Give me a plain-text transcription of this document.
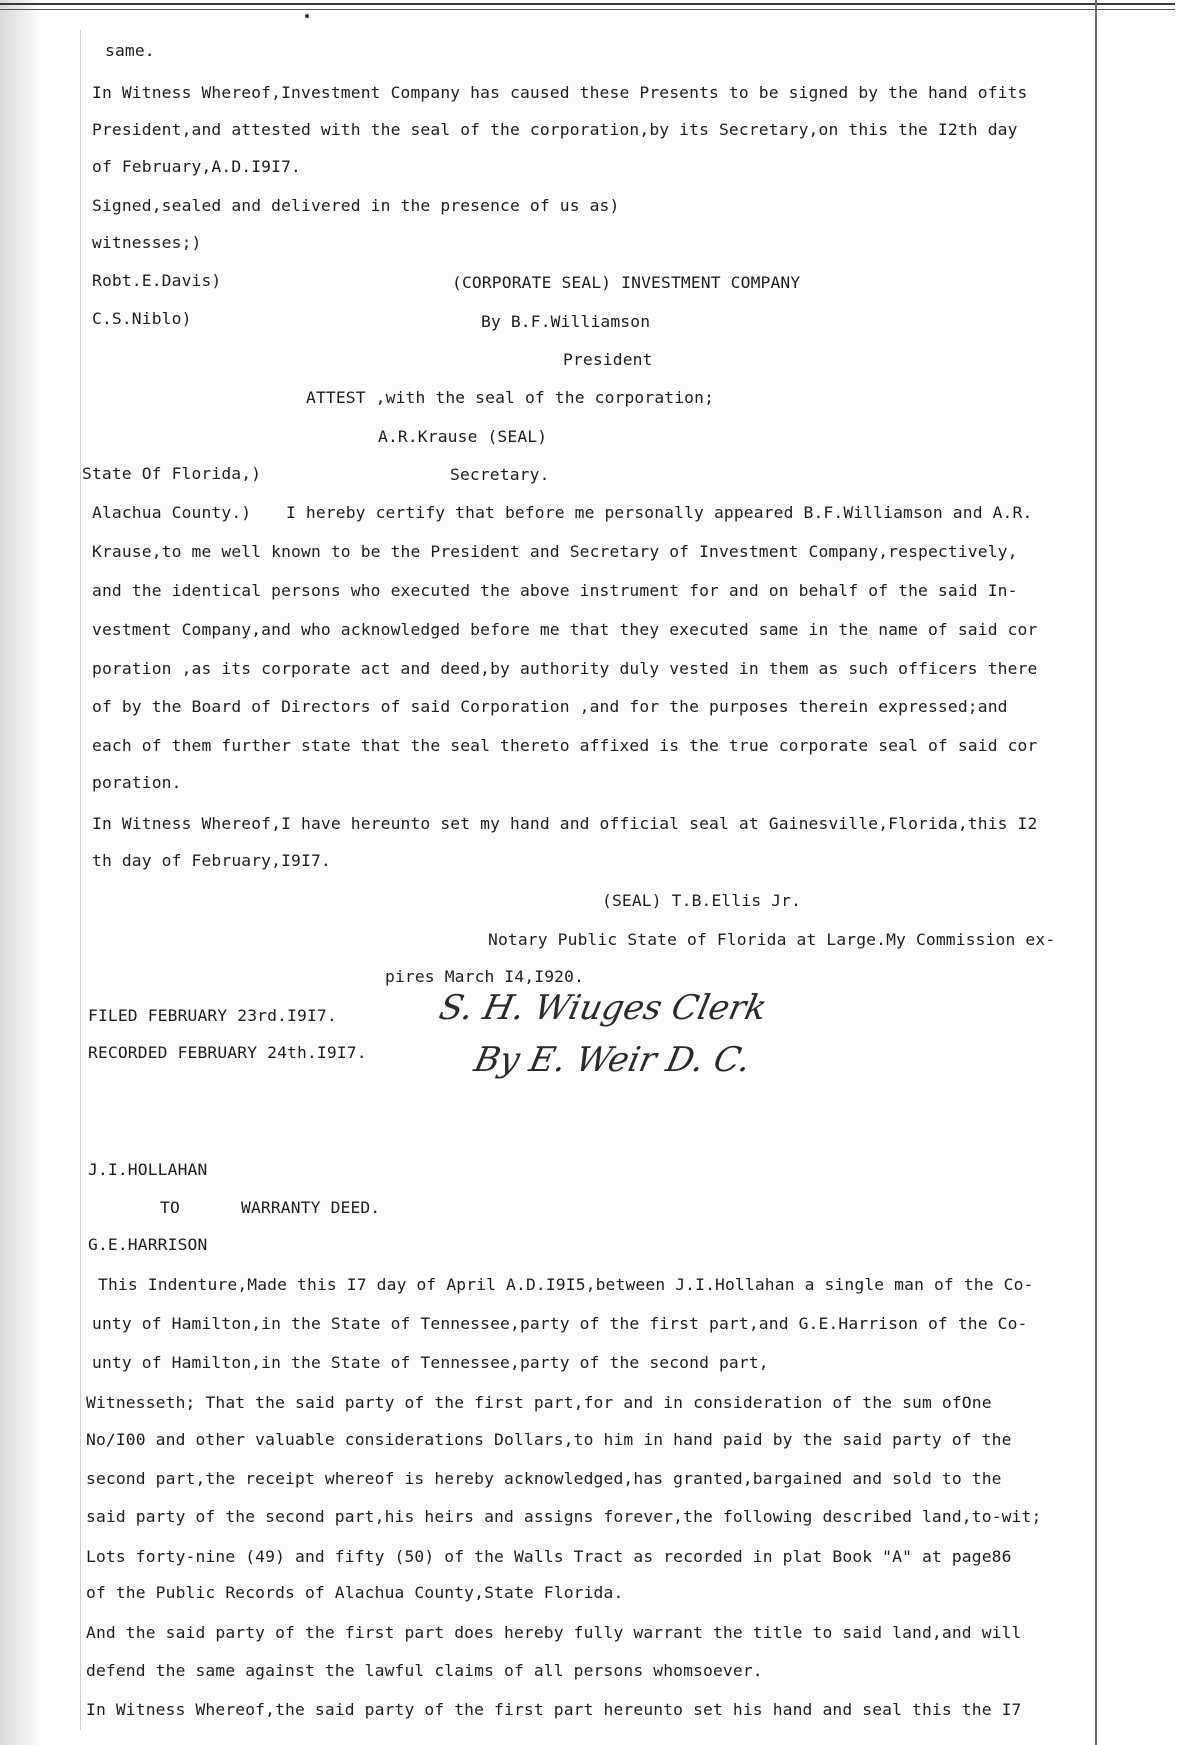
same.
In Witness Whereof,Investment Company has caused these Presents to be signed by the hand ofits
President,and attested with the seal of the corporation,by its Secretary,on this the I2th day
of February,A.D.I9I7.
Signed,sealed and delivered in the presence of us as)
witnesses;)
Robt.E.Davis)	(CORPORATE SEAL) INVESTMENT COMPANY
C.S.Niblo)	By B.F.Williamson
President
ATTEST ,with the seal of the corporation;
A.R.Krause (SEAL)
State Of Florida,)	Secretary.
Alachua County.) I hereby certify that before me personally appeared B.F.Williamson and A.R.
Krause,to me well known to be the President and Secretary of Investment Company,respectively,
and the identical persons who executed the above instrument for and on behalf of the said In-
vestment Company,and who acknowledged before me that they executed same in the name of said cor
poration ,as its corporate act and deed,by authority duly vested in them as such officers there
of by the Board of Directors of said Corporation ,and for the purposes therein expressed;and
each of them further state that the seal thereto affixed is the true corporate seal of said cor
poration.
In Witness Whereof,I have hereunto set my hand and official seal at Gainesville,Florida,this I2
th day of February,I9I7.
(SEAL) T.B.Ellis Jr.
Notary Public State of Florida at Large.My Commission ex-
pires March I4,I920.
FILED FEBRUARY 23rd.I9I7.
RECORDED FEBRUARY 24th.I9I7.
S. H. Wiuges Clerk
By E. Weir D. C.
J.I.HOLLAHAN
TO	WARRANTY DEED.
G.E.HARRISON
This Indenture,Made this I7 day of April A.D.I9I5,between J.I.Hollahan a single man of the Co-
unty of Hamilton,in the State of Tennessee,party of the first part,and G.E.Harrison of the Co-
unty of Hamilton,in the State of Tennessee,party of the second part,
Witnesseth; That the said party of the first part,for and in consideration of the sum ofOne
No/I00 and other valuable considerations Dollars,to him in hand paid by the said party of the
second part,the receipt whereof is hereby acknowledged,has granted,bargained and sold to the
said party of the second part,his heirs and assigns forever,the following described land,to-wit;
Lots forty-nine (49) and fifty (50) of the Walls Tract as recorded in plat Book "A" at page86
of the Public Records of Alachua County,State Florida.
And the said party of the first part does hereby fully warrant the title to said land,and will
defend the same against the lawful claims of all persons whomsoever.
In Witness Whereof,the said party of the first part hereunto set his hand and seal this the I7
